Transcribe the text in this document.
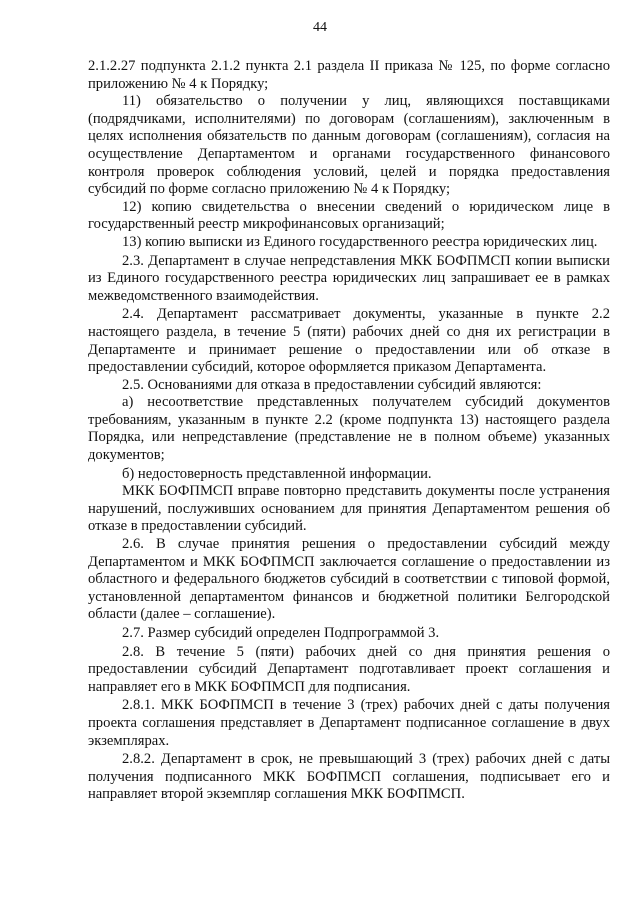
44

2.1.2.27 подпункта 2.1.2 пункта 2.1 раздела II приказа № 125, по форме согласно приложению № 4 к Порядку;

11) обязательство о получении у лиц, являющихся поставщиками (подрядчиками, исполнителями) по договорам (соглашениям), заключенным в целях исполнения обязательств по данным договорам (соглашениям), согласия на осуществление Департаментом и органами государственного финансового контроля проверок соблюдения условий, целей и порядка предоставления субсидий по форме согласно приложению № 4 к Порядку;

12) копию свидетельства о внесении сведений о юридическом лице в государственный реестр микрофинансовых организаций;

13) копию выписки из Единого государственного реестра юридических лиц.

2.3. Департамент в случае непредставления МКК БОФПМСП копии выписки из Единого государственного реестра юридических лиц запрашивает ее в рамках межведомственного взаимодействия.

2.4. Департамент рассматривает документы, указанные в пункте 2.2 настоящего раздела, в течение 5 (пяти) рабочих дней со дня их регистрации в Департаменте и принимает решение о предоставлении или об отказе в предоставлении субсидий, которое оформляется приказом Департамента.

2.5. Основаниями для отказа в предоставлении субсидий являются:

а) несоответствие представленных получателем субсидий документов требованиям, указанным в пункте 2.2 (кроме подпункта 13) настоящего раздела Порядка, или непредставление (представление не в полном объеме) указанных документов;

б) недостоверность представленной информации.

МКК БОФПМСП вправе повторно представить документы после устранения нарушений, послуживших основанием для принятия Департаментом решения об отказе в предоставлении субсидий.

2.6. В случае принятия решения о предоставлении субсидий между Департаментом и МКК БОФПМСП заключается соглашение о предоставлении из областного и федерального бюджетов субсидий в соответствии с типовой формой, установленной департаментом финансов и бюджетной политики Белгородской области (далее – соглашение).

2.7. Размер субсидий определен Подпрограммой 3.

2.8. В течение 5 (пяти) рабочих дней со дня принятия решения о предоставлении субсидий Департамент подготавливает проект соглашения и направляет его в МКК БОФПМСП для подписания.

2.8.1. МКК БОФПМСП в течение 3 (трех) рабочих дней с даты получения проекта соглашения представляет в Департамент подписанное соглашение в двух экземплярах.

2.8.2. Департамент в срок, не превышающий 3 (трех) рабочих дней с даты получения подписанного МКК БОФПМСП соглашения, подписывает его и направляет второй экземпляр соглашения МКК БОФПМСП.
